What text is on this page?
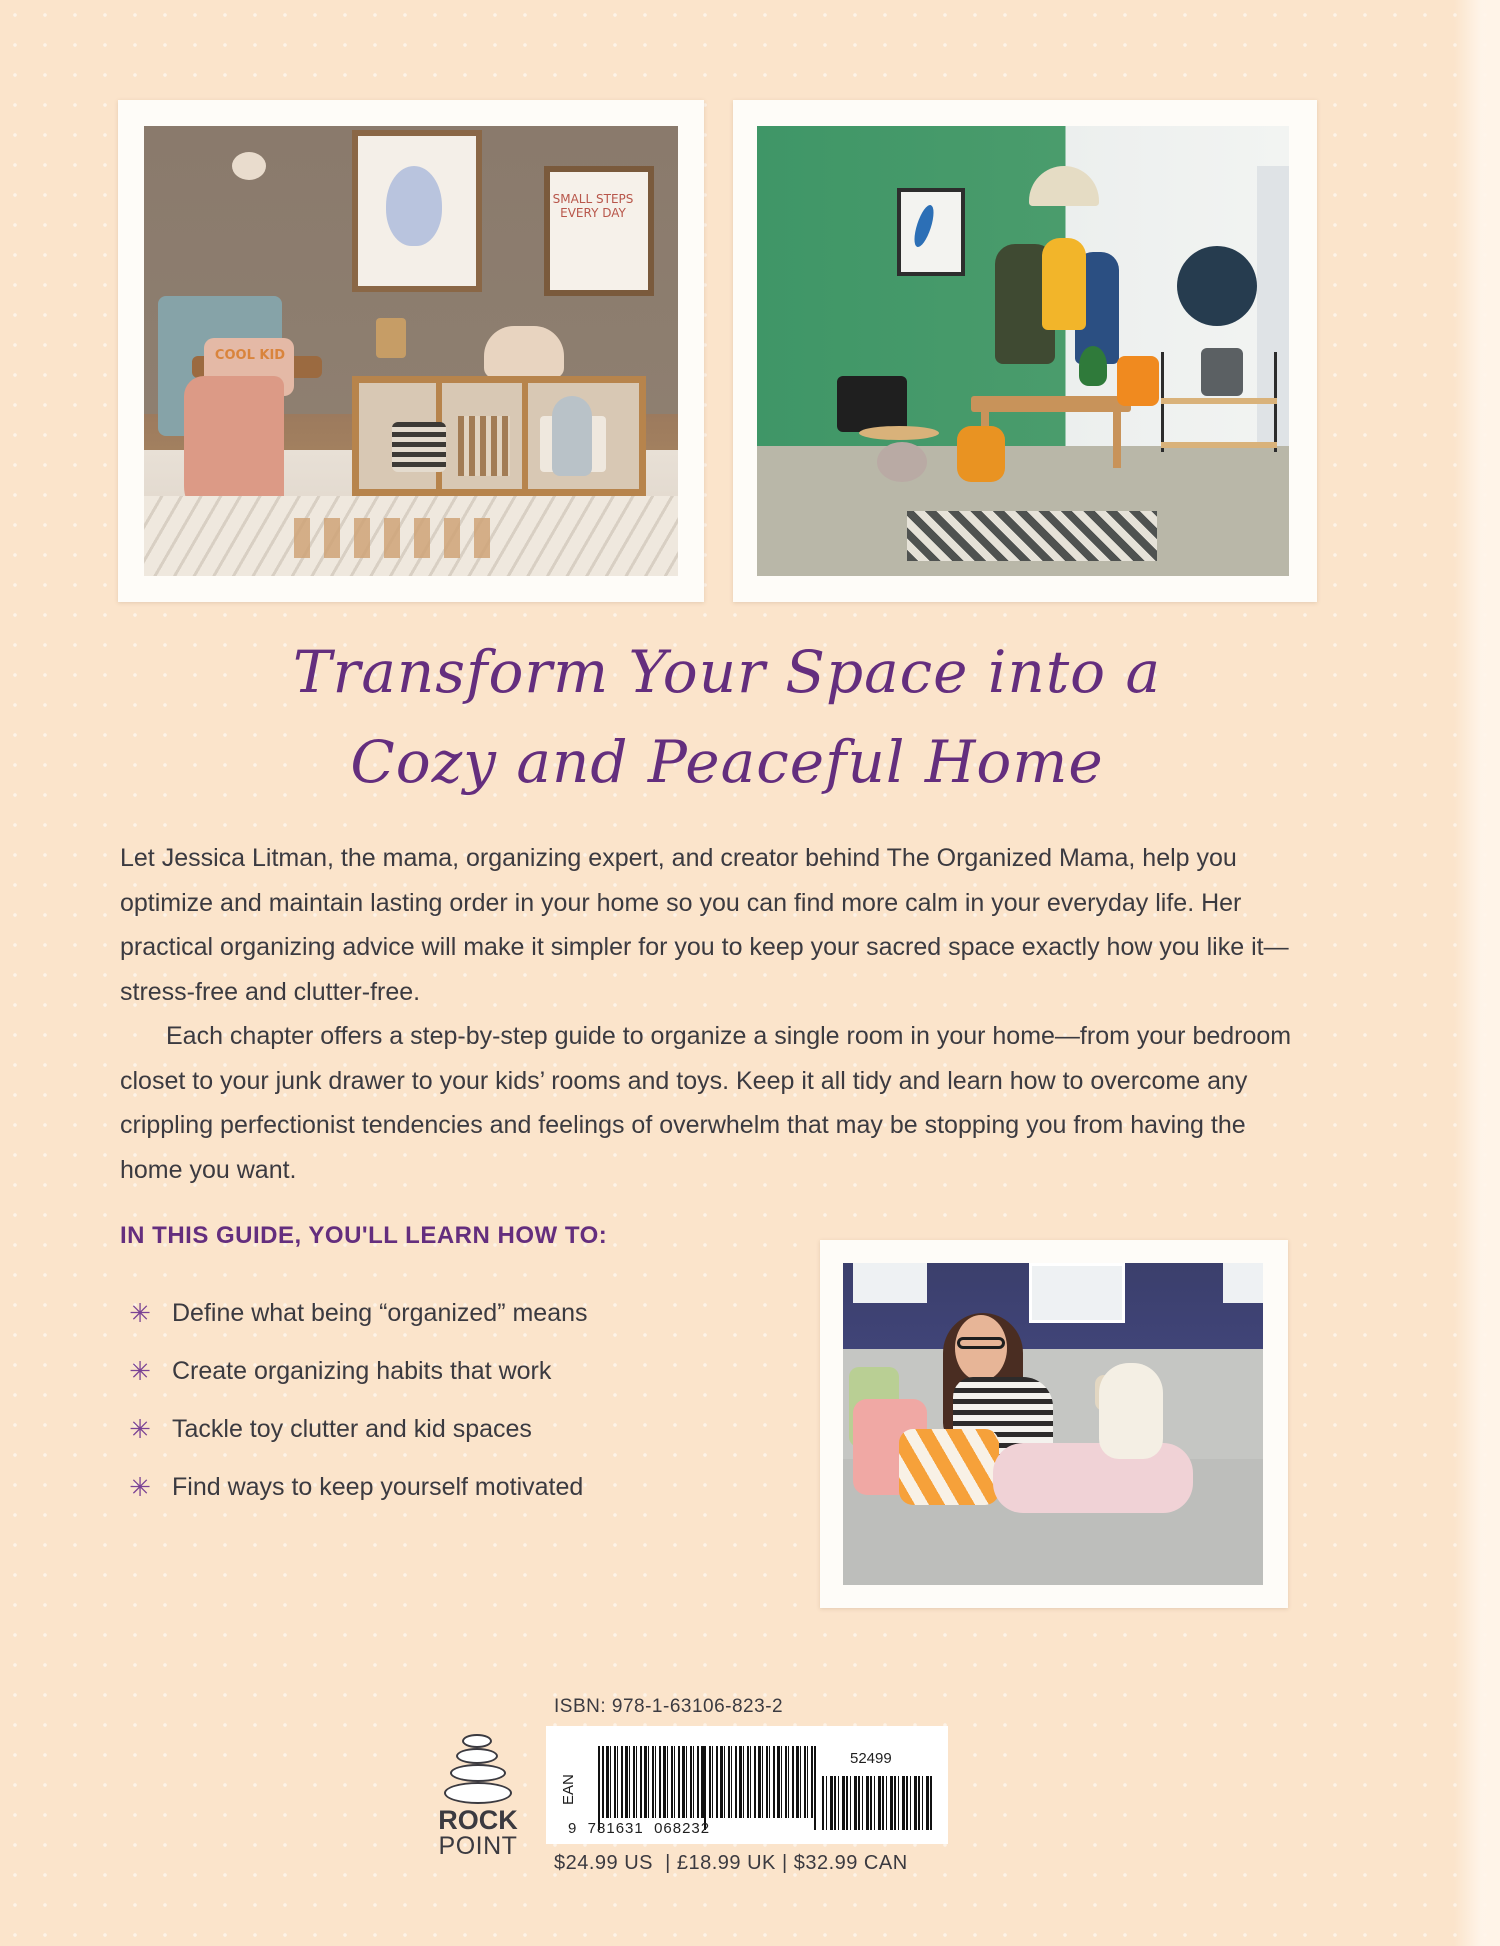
SMALL STEPS EVERY DAY
COOL KID
Transform Your Space into a
Cozy and Peaceful Home

Let Jessica Litman, the mama, organizing expert, and creator behind The Organized Mama, help you optimize and maintain lasting order in your home so you can find more calm in your everyday life. Her practical organizing advice will make it simpler for you to keep your sacred space exactly how you like it—stress-free and clutter-free.

Each chapter offers a step-by-step guide to organize a single room in your home—from your bedroom closet to your junk drawer to your kids’ rooms and toys. Keep it all tidy and learn how to overcome any crippling perfectionist tendencies and feelings of overwhelm that may be stopping you from having the home you want.

IN THIS GUIDE, YOU'LL LEARN HOW TO:
✳ Define what being “organized” means
✳ Create organizing habits that work
✳ Tackle toy clutter and kid spaces
✳ Find ways to keep yourself motivated
ISBN: 978-1-63106-823-2
ROCK
POINT
EAN
52499
9  781631  068232
$24.99 US  | £18.99 UK | $32.99 CAN
